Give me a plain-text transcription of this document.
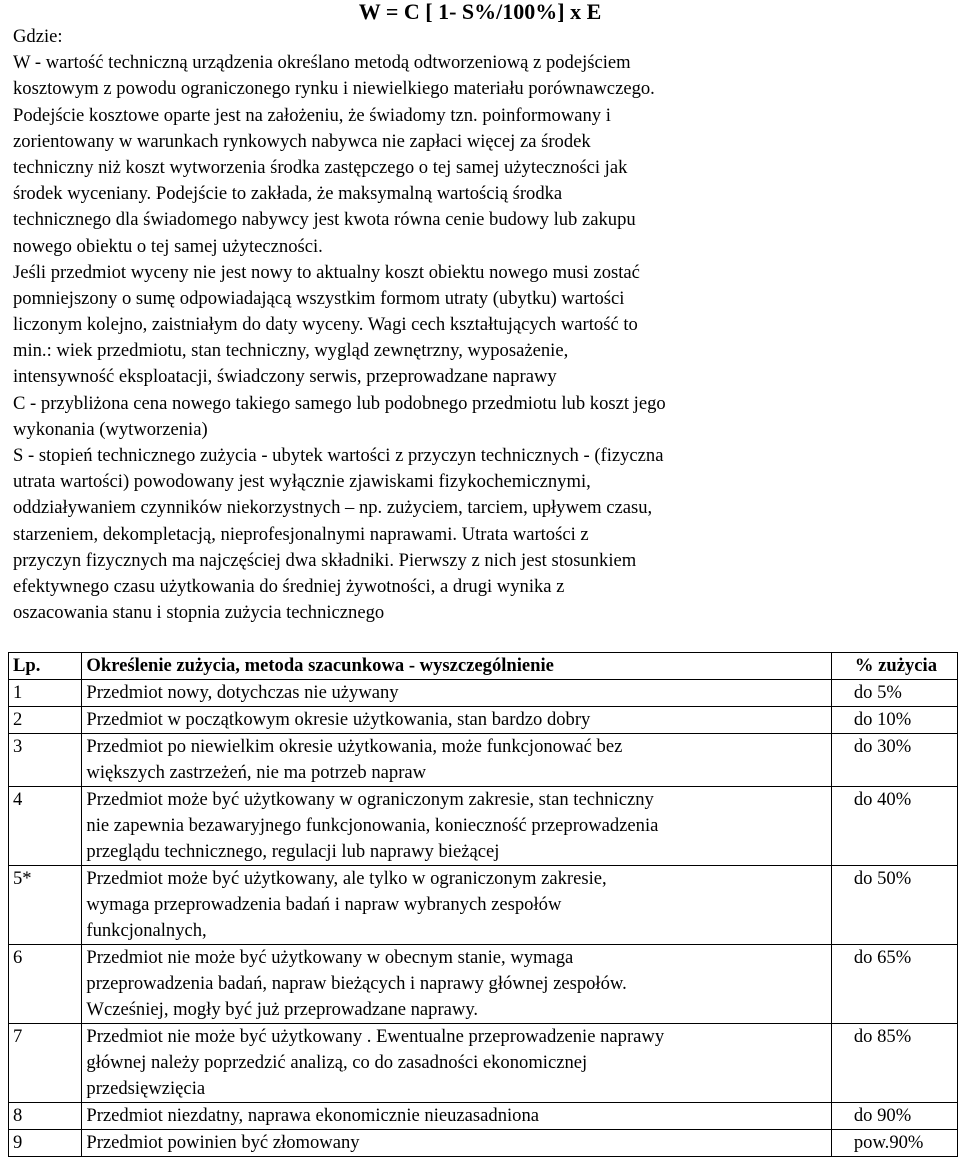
W = C [ 1- S%/100%] x E
Gdzie:
W - wartość techniczną urządzenia określano metodą odtworzeniową z podejściem
kosztowym z powodu ograniczonego rynku i niewielkiego materiału porównawczego.
Podejście kosztowe oparte jest na założeniu, że świadomy tzn. poinformowany i
zorientowany w warunkach rynkowych nabywca nie zapłaci więcej za środek
techniczny niż koszt wytworzenia środka zastępczego o tej samej użyteczności jak
środek wyceniany. Podejście to zakłada, że maksymalną wartością środka
technicznego dla świadomego nabywcy jest kwota równa cenie budowy lub zakupu
nowego obiektu o tej samej użyteczności.
Jeśli przedmiot wyceny nie jest nowy to aktualny koszt obiektu nowego musi zostać
pomniejszony o sumę odpowiadającą wszystkim formom utraty (ubytku) wartości
liczonym kolejno, zaistniałym do daty wyceny. Wagi cech kształtujących wartość to
min.: wiek przedmiotu, stan techniczny, wygląd zewnętrzny, wyposażenie,
intensywność eksploatacji, świadczony serwis, przeprowadzane naprawy
C - przybliżona cena nowego takiego samego lub podobnego przedmiotu lub koszt jego
wykonania (wytworzenia)
S - stopień technicznego zużycia - ubytek wartości z przyczyn technicznych - (fizyczna
utrata wartości) powodowany jest wyłącznie zjawiskami fizykochemicznymi,
oddziaływaniem czynników niekorzystnych – np. zużyciem, tarciem, upływem czasu,
starzeniem, dekompletacją, nieprofesjonalnymi naprawami. Utrata wartości z
przyczyn fizycznych ma najczęściej dwa składniki. Pierwszy z nich jest stosunkiem
efektywnego czasu użytkowania do średniej żywotności, a drugi wynika z
oszacowania stanu i stopnia zużycia technicznego
Lp.	Określenie zużycia, metoda szacunkowa - wyszczególnienie	% zużycia
1	Przedmiot nowy, dotychczas nie używany	do 5%
2	Przedmiot w początkowym okresie użytkowania, stan bardzo dobry	do 10%
3	Przedmiot po niewielkim okresie użytkowania, może funkcjonować bez
większych zastrzeżeń, nie ma potrzeb napraw	do 30%
4	Przedmiot może być użytkowany w ograniczonym zakresie, stan techniczny
nie zapewnia bezawaryjnego funkcjonowania, konieczność przeprowadzenia
przeglądu technicznego, regulacji lub naprawy bieżącej	do 40%
5*	Przedmiot może być użytkowany, ale tylko w ograniczonym zakresie,
wymaga przeprowadzenia badań i napraw wybranych zespołów
funkcjonalnych,	do 50%
6	Przedmiot nie może być użytkowany w obecnym stanie, wymaga
przeprowadzenia badań, napraw bieżących i naprawy głównej zespołów.
Wcześniej, mogły być już przeprowadzane naprawy.	do 65%
7	Przedmiot nie może być użytkowany . Ewentualne przeprowadzenie naprawy
głównej należy poprzedzić analizą, co do zasadności ekonomicznej
przedsięwzięcia	do 85%
8	Przedmiot niezdatny, naprawa ekonomicznie nieuzasadniona	do 90%
9	Przedmiot powinien być złomowany	pow.90%
